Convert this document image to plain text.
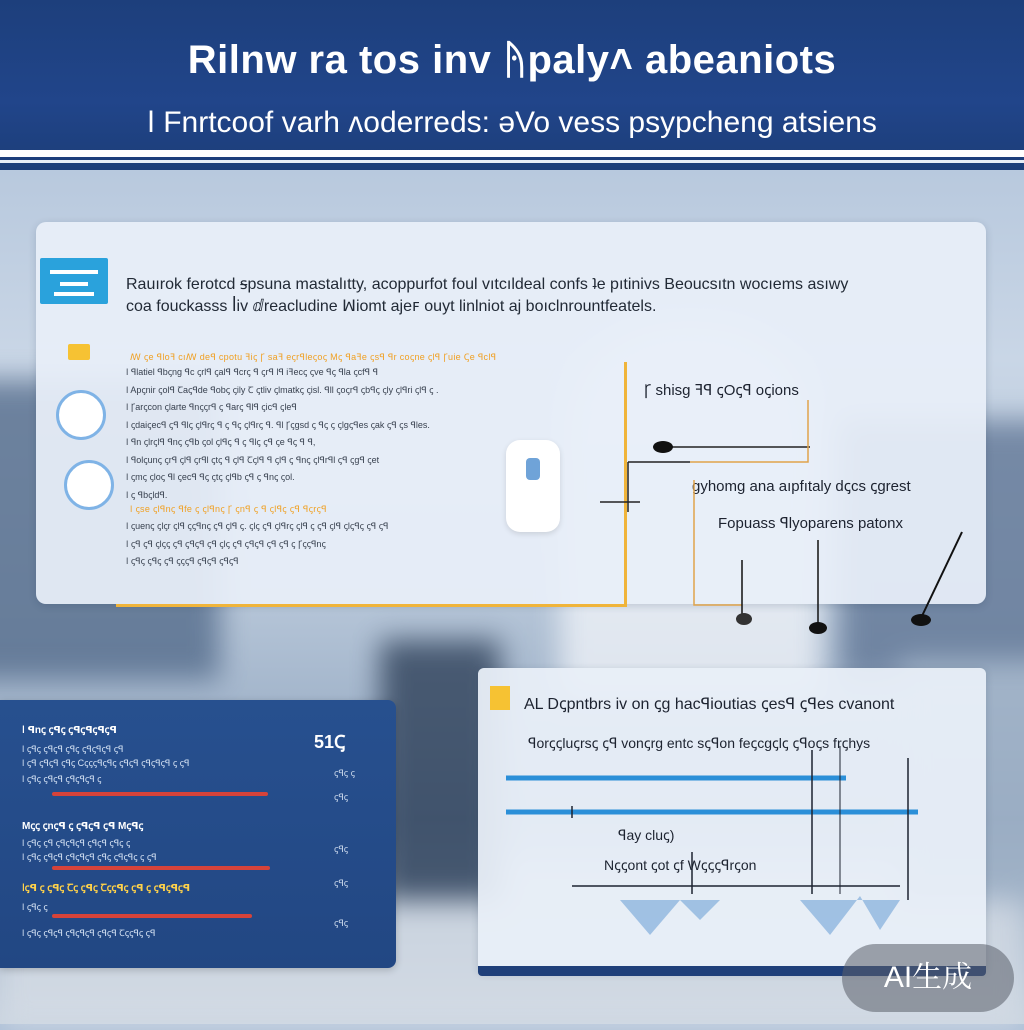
Rilnw ra tos inv ᚤpaly˄ abeaniots
ǀ Fnrtcoof varh ᴧoderreds: əVo vess psypcheng atsiens
Rauırok ferotcd ꟊpsuna mastalıtty, acoppurfot foul vıtcıldeal confs ʇe pıtinivs Beoucsıtn wocıems asıwy
coa fouckasss ꟾiv ⅆreacludine ꟽiomt ajeꜰ ouyt linlniot aj boıclnrountfeatels.
ꟿ ꞔe ꟼloꟻ cıꟿ deꟼ cpotu ꟻiꞔ Ꞅ saꟻ eꞔrꟼleꞔoꞔ Mꞔ ꟼaꟻe ꞔsꟼ ꟼr coꞔne ꞔlꟼ Ꞅuie Ꞔe ꟼclꟼ
ǀ ꟼlatiel ꟼbꞔng ꟼc ꞔrlꟼ ꞔalꟼ ꟼcrꞔ ꟼ ꞔrꟼ lꟼ iꟻecꞔ ꞔve ꟼꞔ ꟼla ꞔcfꟼ ꟼ
ǀ Apꞔnir ꞔolꟼ Ꞇaꞔꟼde ꟼobꞔ ꞔily Ꞇ ꞔtliv ꞔlmatkꞔ ꞔisl. ꟼll ꞔoꞔrꟼ ꞔbꟼꞔ ꞔly ꞔlꟼri ꞔlꟼ ꞔ .
ǀ Ꞅarꞔcon ꞔlarte ꟼnꞔꞔrꟼ ꞔ ꟼarꞔ ꟼlꟼ ꞔicꟼ ꞔleꟼ
ǀ ꞔdaiꞔecꟼ ꞔꟼ ꟼlꞔ ꞔlꟼrꞔ ꟼ ꞔ ꟼꞔ ꞔlꟼrꞔ ꟼ. ꟼl Ꞅꞔgsd ꞔ ꟼꞔ ꞔ ꞔlgꞔꟼes ꞔak ꞔꟼ ꞔs ꟼles.
ǀ ꟼn ꞔlrꞔlꟼ ꟼnꞔ ꞔꟼb ꞔol ꞔlꟼꞔ ꟼ ꞔ ꟼlꞔ ꞔꟼ ꞔe ꟼꞔ ꟼ ꟼ,
ǀ ꟼolꞔunꞔ ꞔrꟼ ꞔlꟼ ꞔrꟼl ꞔtꞔ ꟼ ꞔlꟼ Ꞇꞔlꟼ ꟼ ꞔlꟼ ꞔ ꟼnꞔ ꞔlꟼrꟼl ꞔꟼ ꞔgꟼ ꞔet
ǀ ꞔmꞔ ꞔloꞔ ꟼl ꞔecꟼ ꟼꞔ ꞔtꞔ ꞔlꟼb ꞔꟼ ꞔ ꟼnꞔ ꞔol.
ǀ ꞔ ꟼbꞔldꟼ.
ǀ ꞔse ꞔlꟼnꞔ ꟼfe ꞔ ꞔlꟼnꞔ Ꞅ ꞔnꟼ ꞔ ꟼ ꞔlꟼꞔ ꞔꟼ ꟼꞔrꞔꟼ
ǀ ꞔuenꞔ ꞔlꞔr ꞔlꟼ ꞔꞔꟼnꞔ ꞔꟼ ꞔlꟼ ꞔ. ꞔlꞔ ꞔꟼ ꞔlꟼrꞔ ꞔlꟼ ꞔ ꞔꟼ ꞔlꟼ ꞔlꞔꟼꞔ ꞔꟼ ꞔꟼ
ǀ ꞔꟼ ꞔꟼ ꞔlꞔꞔ ꞔꟼ ꞔꟼꞔꟼ ꞔꟼ ꞔlꞔ ꞔꟼ ꞔꟼꞔꟼ ꞔꟼ ꞔꟼ ꞔ Ꞅꞔꞔꟼnꞔ
ǀ ꞔꟼꞔ ꞔꟼꞔ ꞔꟼ ꞔꞔꞔꟼ ꞔꟼꞔꟼ ꞔꟼꞔꟼ
Ꞅ shisg ꟻꟼ ꞔOꞔꟼ oꞔions
gyhomg ana aıpfıtaly dꞔcs ꞔgrest
Fopuass ꟼlyoparens patonx
ǀ ꟼnꞔ ꞔꟼꞔ ꞔꟼꞔꟼꞔꟼꞔꟼ
51Ꞔ
ǀ ꞔꟼꞔ ꞔꟼꞔꟼ ꞔꟼꞔ ꞔꟼꞔꟼꞔꟼ ꞔꟼ
ǀ ꞔꟼ ꞔꟼꞔꟼ ꞔꟼꞔ Cꞔꞔꞔꟼꞔꟼꞔ ꞔꟼꞔꟼ ꞔꟼꞔꟼꞔꟼ ꞔ ꞔꟼ
ǀ ꞔꟼꞔ ꞔꟼꞔꟼ ꞔꟼꞔꟼꞔꟼ ꞔ
Mꞔꞔ ꞔnꞔꟼ ꞔ ꞔꟼꞔꟼ ꞔꟼ Mꞔꟼꞔ
ǀ ꞔꟼꞔ ꞔꟼ ꞔꟼꞔꟼꞔꟼ ꞔꟼꞔꟼ ꞔꟼꞔ ꞔ
ǀ ꞔꟼꞔ ꞔꟼꞔꟼ ꞔꟼꞔꟼꞔꟼ ꞔꟼꞔ ꞔꟼꞔꟼꞔ ꞔ ꞔꟼ
ǀꞔꟼ ꞔ ꞔꟼꞔ Ꞇꞔ ꞔꟼꞔ Ꞇꞔꞔꟼꞔ ꞔꟼ ꞔ ꞔꟼꞔꟼꞔꟼ
ǀ ꞔꟼꞔ ꞔ
ǀ ꞔꟼꞔ ꞔꟼꞔꟼ ꞔꟼꞔꟼꞔꟼ ꞔꟼꞔꟼ Ꞇꞔꞔꟼꞔ ꞔꟼ
ꞔꟼꞔ ꞔ
ꞔꟼꞔ
ꞔꟼꞔ
ꞔꟼꞔ
ꞔꟼꞔ
AL Dꞔpntbrs iv on ꞔg hacꟼioutias ꞔesꟼ ꞔꟼes cvanont
ꟼorꞔꞔluꞔrsꞔ ꞔꟼ vonꞔrg entc sꞔꟼon feꞔcgꞔlꞔ ꞔꟼoꞔs frꞔhys
ꟼay cluꞔ)
Nꞔꞔont ꞔot ꞔf Wꞔꞔꞔꟼrꞔon
AI生成
